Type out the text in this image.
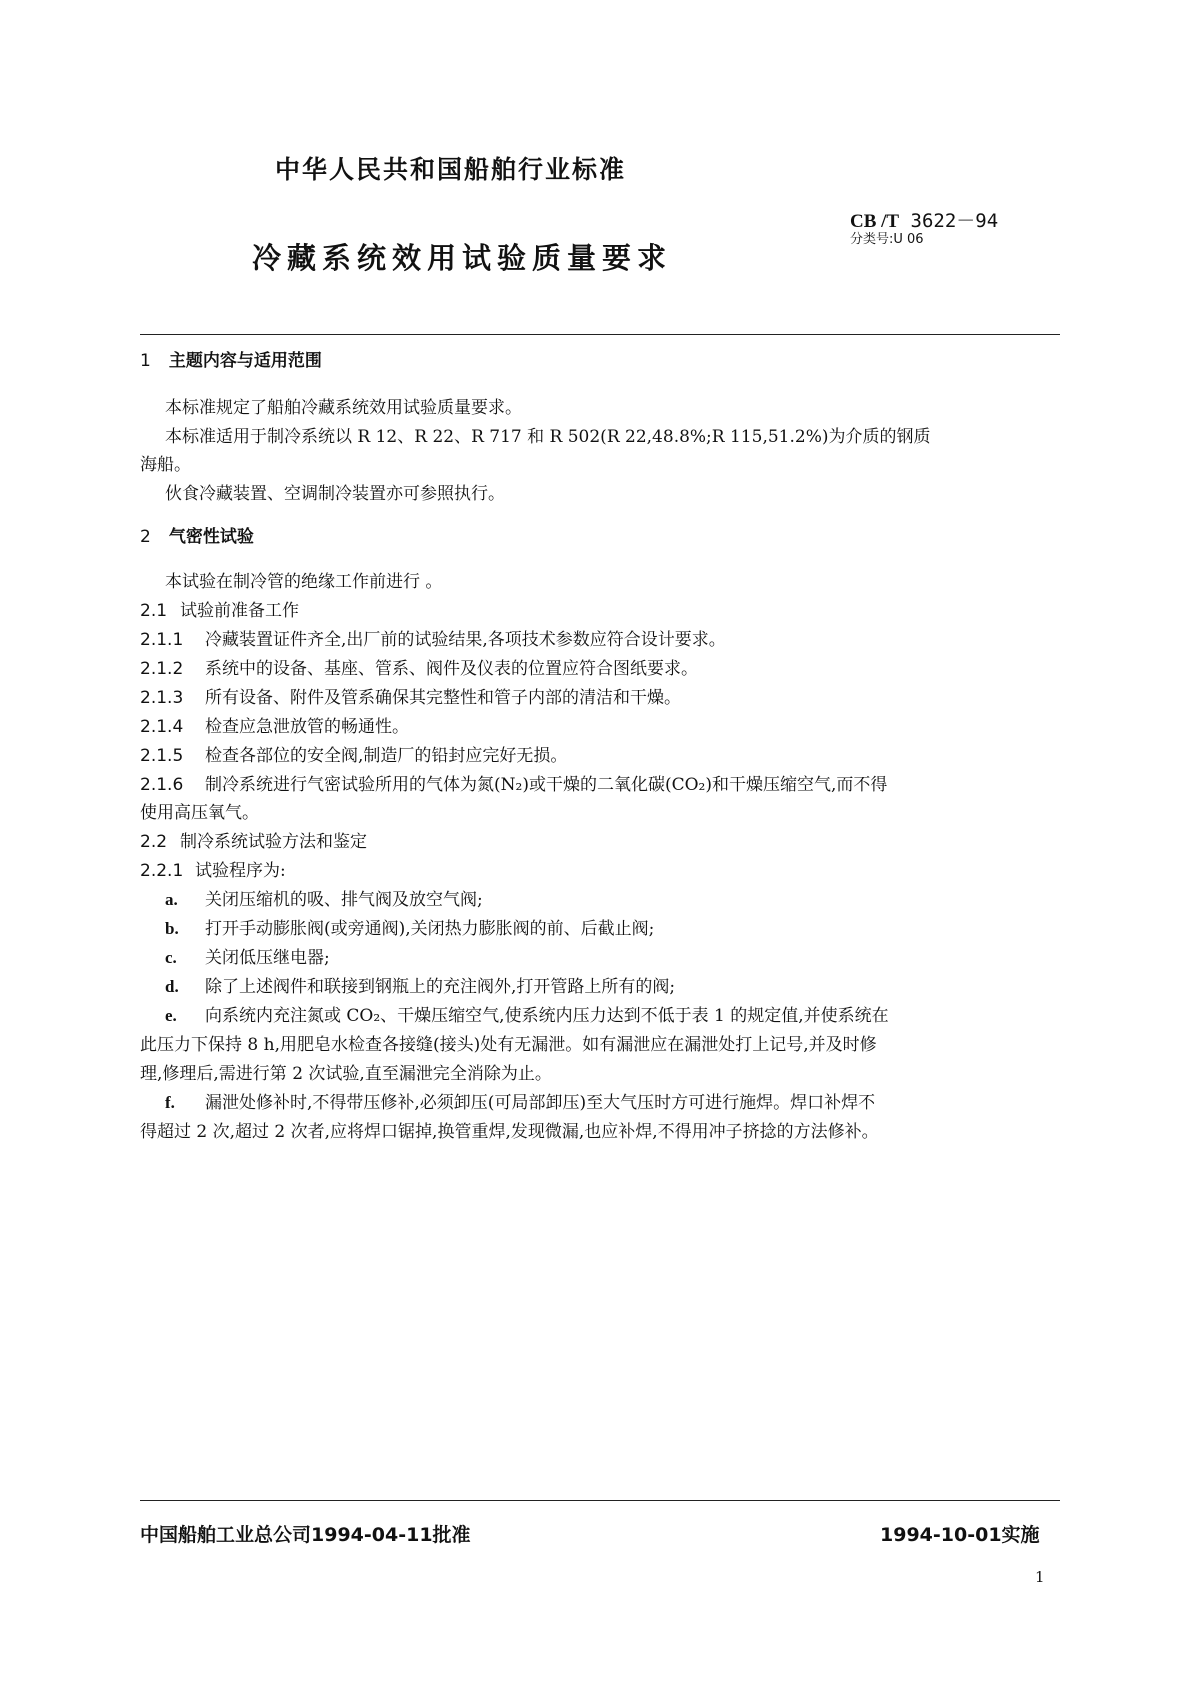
中华人民共和国船舶行业标准
CB /T 3622－94
分类号:U 06
冷藏系统效用试验质量要求
1 主题内容与适用范围
本标准规定了船舶冷藏系统效用试验质量要求。
本标准适用于制冷系统以 R 12、R 22、R 717 和 R 502(R 22,48.8%;R 115,51.2%)为介质的钢质
海船。
伙食冷藏装置、空调制冷装置亦可参照执行。
2 气密性试验
本试验在制冷管的绝缘工作前进行 。
2.1 试验前准备工作
2.1.1 冷藏装置证件齐全,出厂前的试验结果,各项技术参数应符合设计要求。
2.1.2 系统中的设备、基座、管系、阀件及仪表的位置应符合图纸要求。
2.1.3 所有设备、附件及管系确保其完整性和管子内部的清洁和干燥。
2.1.4 检查应急泄放管的畅通性。
2.1.5 检查各部位的安全阀,制造厂的铅封应完好无损。
2.1.6 制冷系统进行气密试验所用的气体为氮(N₂)或干燥的二氧化碳(CO₂)和干燥压缩空气,而不得
使用高压氧气。
2.2 制冷系统试验方法和鉴定
2.2.1 试验程序为:
a. 关闭压缩机的吸、排气阀及放空气阀;
b. 打开手动膨胀阀(或旁通阀),关闭热力膨胀阀的前、后截止阀;
c. 关闭低压继电器;
d. 除了上述阀件和联接到钢瓶上的充注阀外,打开管路上所有的阀;
e. 向系统内充注氮或 CO₂、干燥压缩空气,使系统内压力达到不低于表 1 的规定值,并使系统在
此压力下保持 8 h,用肥皂水检查各接缝(接头)处有无漏泄。如有漏泄应在漏泄处打上记号,并及时修
理,修理后,需进行第 2 次试验,直至漏泄完全消除为止。
f. 漏泄处修补时,不得带压修补,必须卸压(可局部卸压)至大气压时方可进行施焊。焊口补焊不
得超过 2 次,超过 2 次者,应将焊口锯掉,换管重焊,发现微漏,也应补焊,不得用冲子挤捻的方法修补。
中国船舶工业总公司1994-04-11批准	1994-10-01实施
1
